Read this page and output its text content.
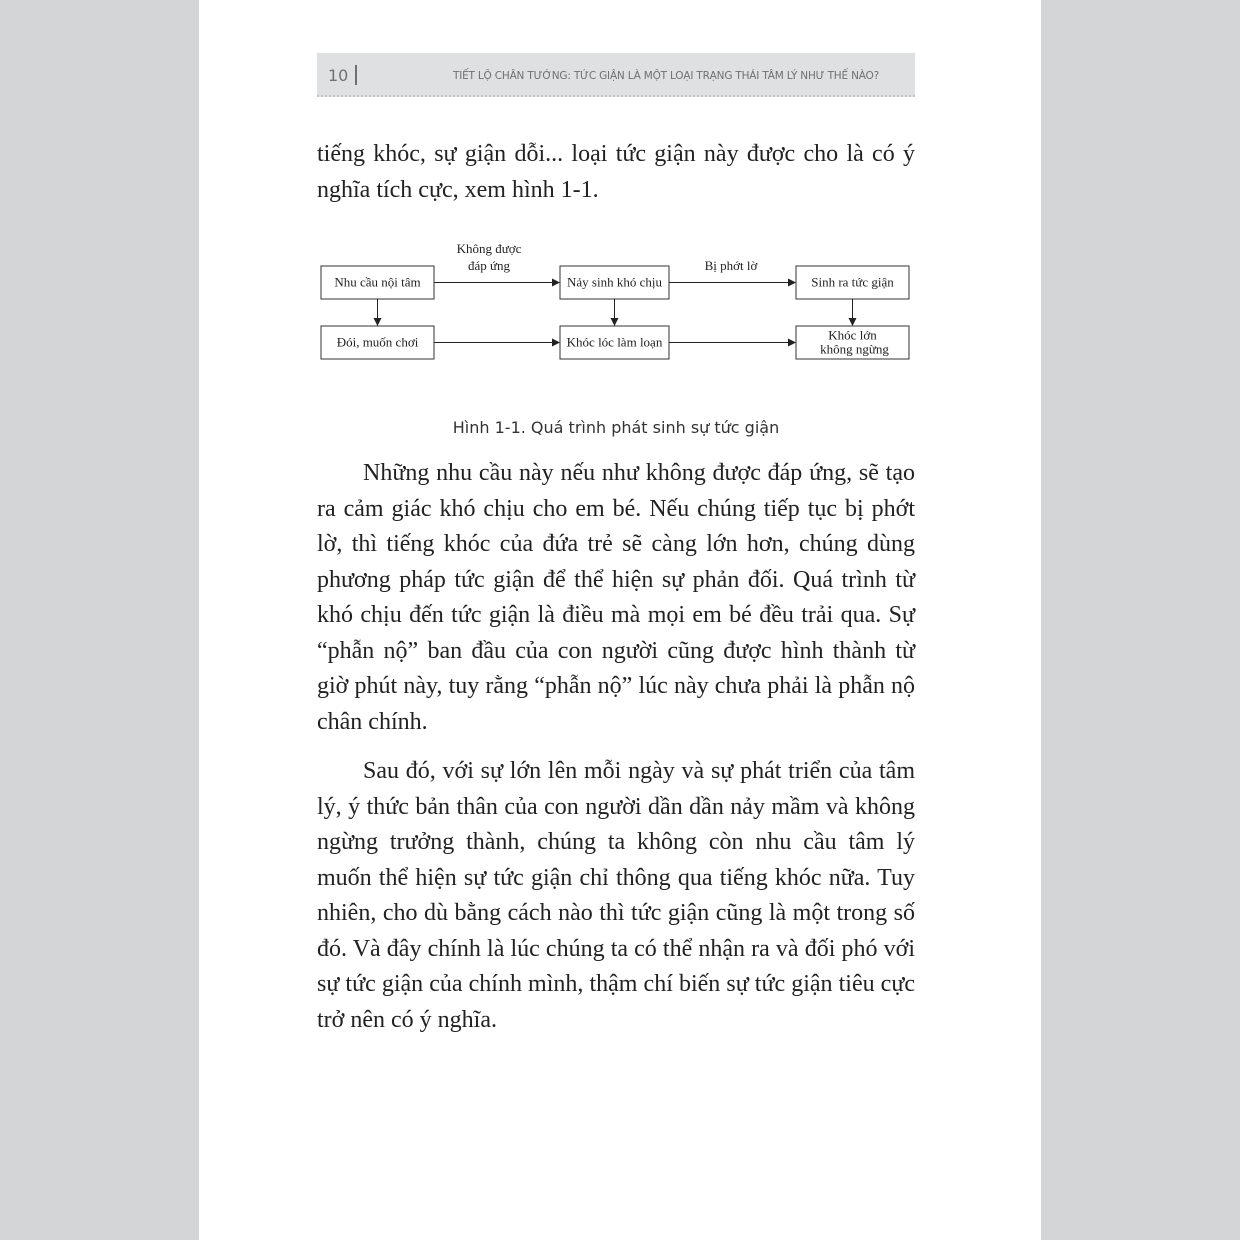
10	TIẾT LỘ CHÂN TƯỚNG: TỨC GIẬN LÀ MỘT LOẠI TRẠNG THÁI TÂM LÝ NHƯ THẾ NÀO?

tiếng khóc, sự giận dỗi... loại tức giận này được cho là có ý nghĩa tích cực, xem hình 1-1.

Nhu cầu nội tâm	Nảy sinh khó chịu	Sinh ra tức giận
Đói, muốn chơi	Khóc lóc làm loạn	Khóc lớn
không ngừng
Không được
đáp ứng	Bị phớt lờ
Hình 1-1. Quá trình phát sinh sự tức giận

Những nhu cầu này nếu như không được đáp ứng, sẽ tạo ra cảm giác khó chịu cho em bé. Nếu chúng tiếp tục bị phớt lờ, thì tiếng khóc của đứa trẻ sẽ càng lớn hơn, chúng dùng phương pháp tức giận để thể hiện sự phản đối. Quá trình từ khó chịu đến tức giận là điều mà mọi em bé đều trải qua. Sự “phẫn nộ” ban đầu của con người cũng được hình thành từ giờ phút này, tuy rằng “phẫn nộ” lúc này chưa phải là phẫn nộ chân chính.

Sau đó, với sự lớn lên mỗi ngày và sự phát triển của tâm lý, ý thức bản thân của con người dần dần nảy mầm và không ngừng trưởng thành, chúng ta không còn nhu cầu tâm lý muốn thể hiện sự tức giận chỉ thông qua tiếng khóc nữa. Tuy nhiên, cho dù bằng cách nào thì tức giận cũng là một trong số đó. Và đây chính là lúc chúng ta có thể nhận ra và đối phó với sự tức giận của chính mình, thậm chí biến sự tức giận tiêu cực trở nên có ý nghĩa.
